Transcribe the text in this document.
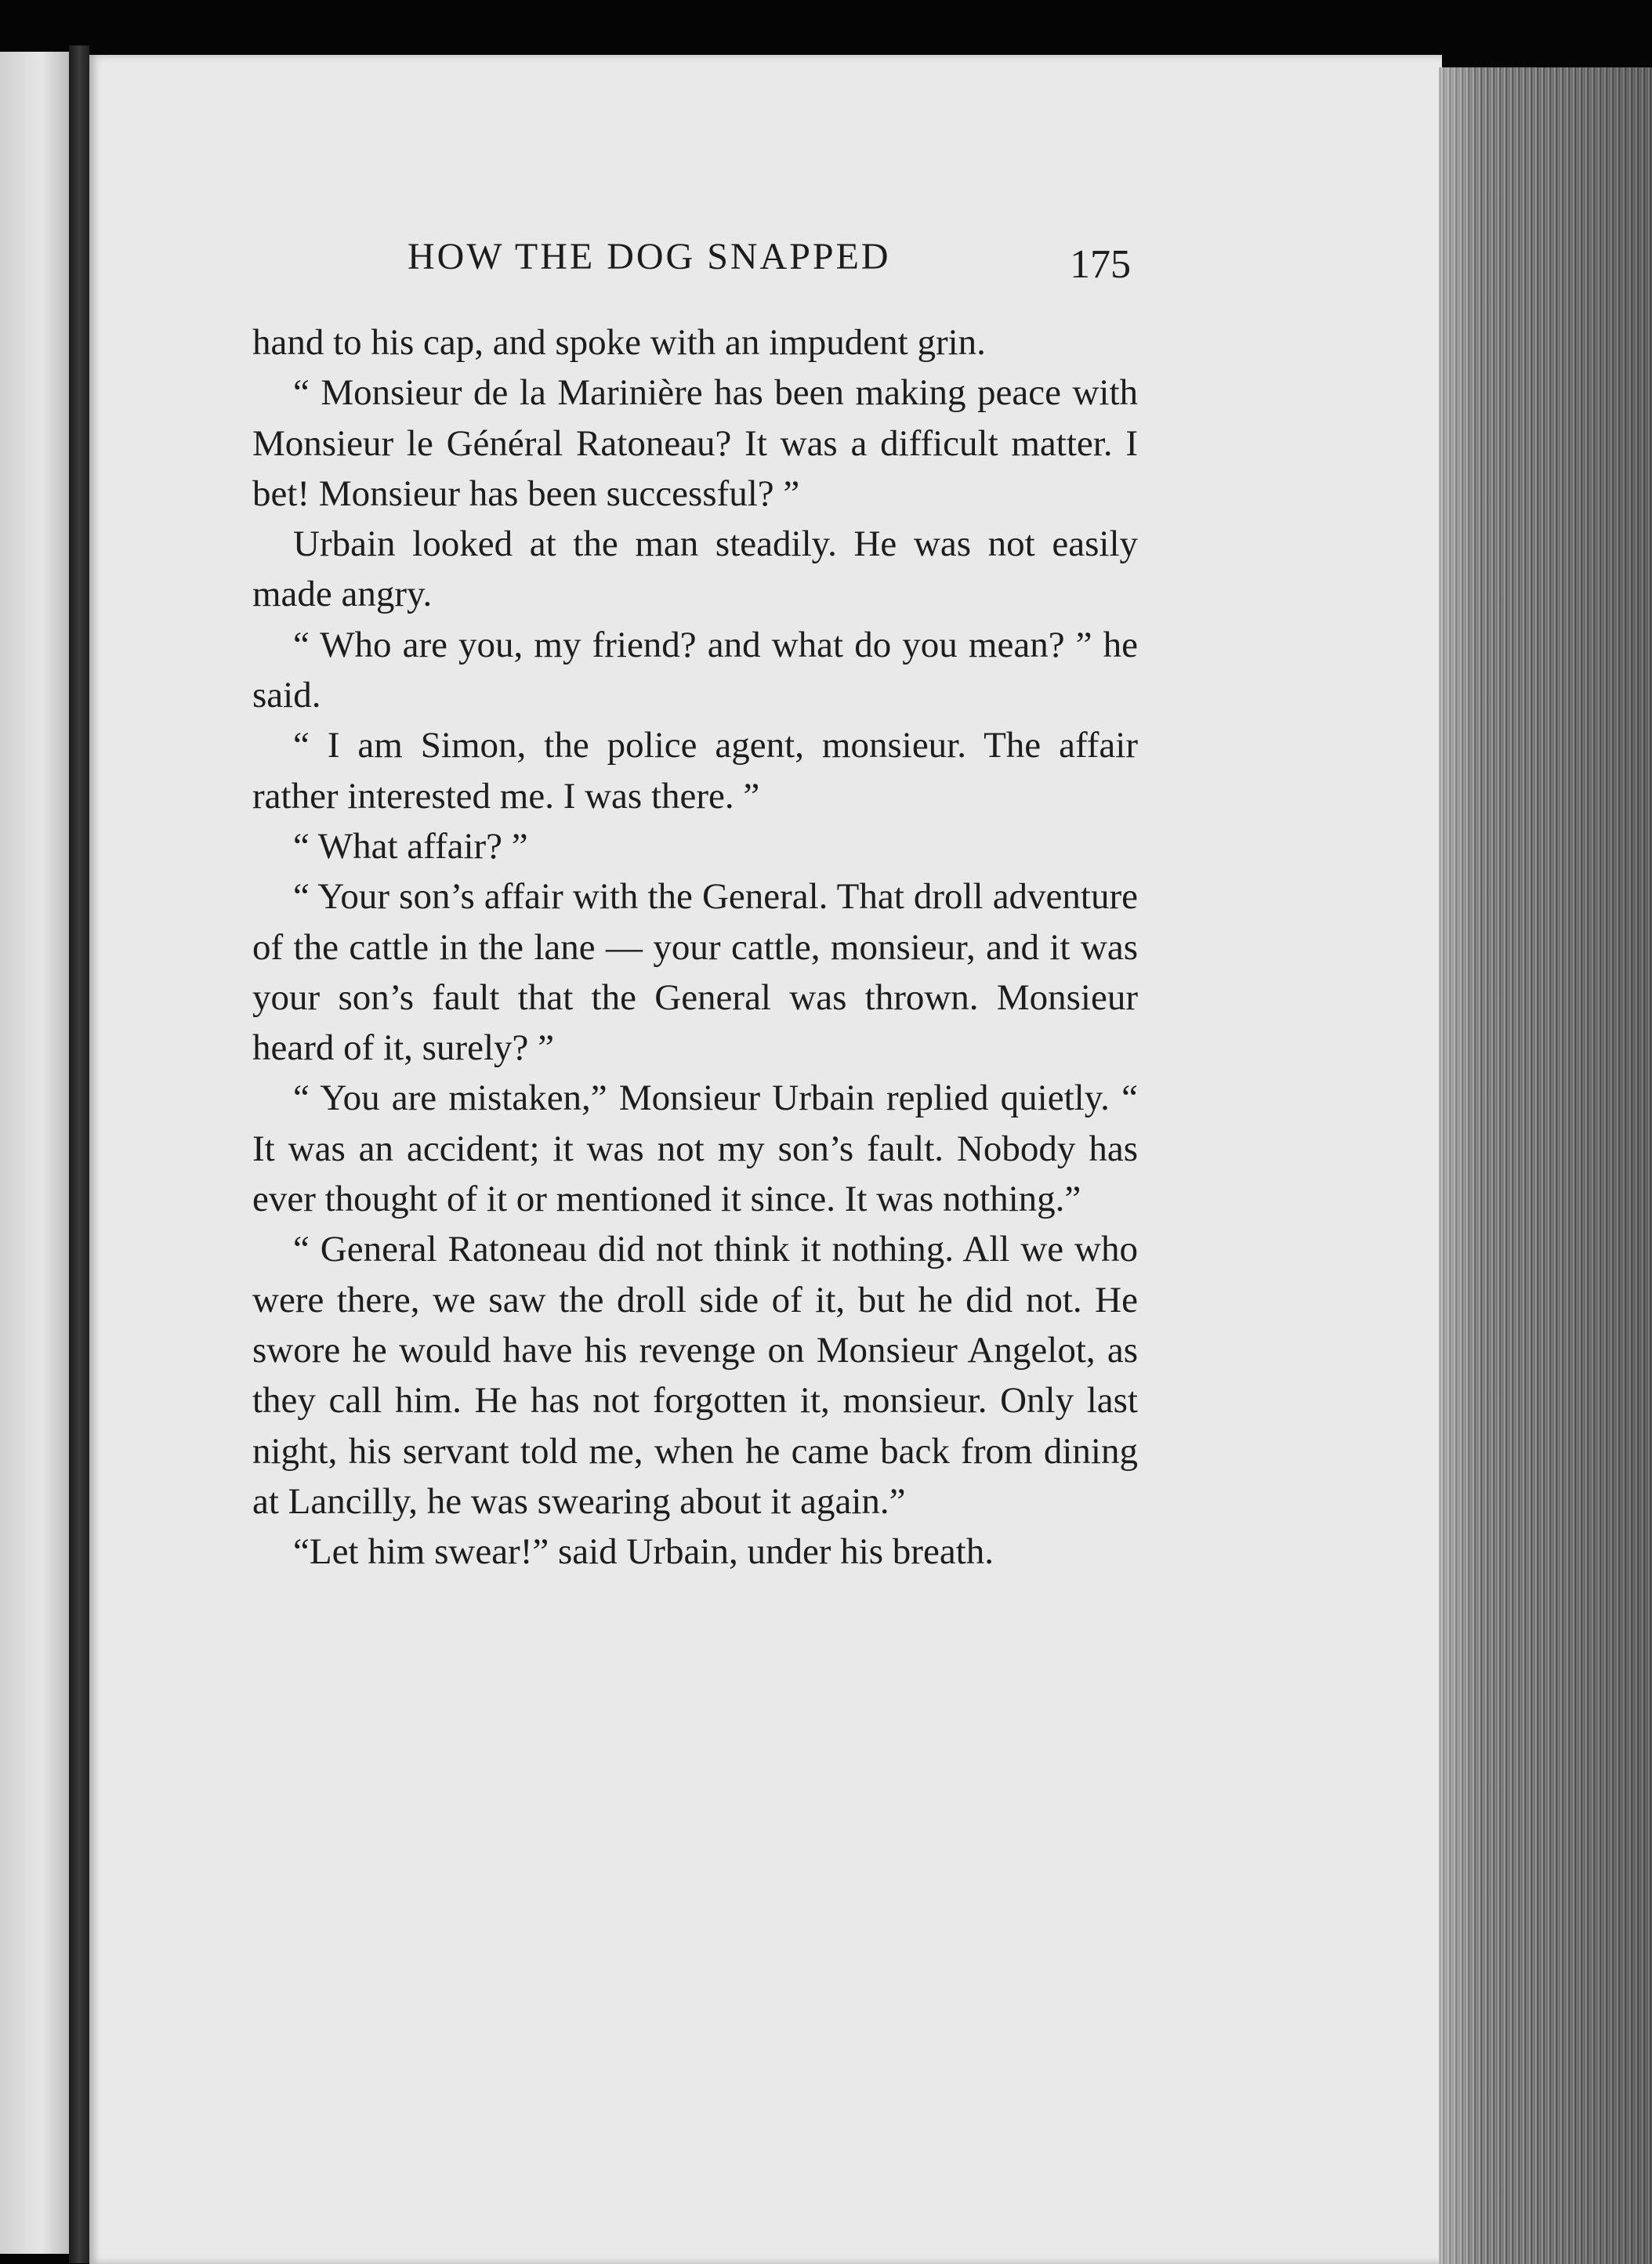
HOW THE DOG SNAPPED	175

hand to his cap, and spoke with an impudent grin.

“ Monsieur de la Marinière has been making peace with Monsieur le Général Ratoneau? It was a difficult matter. I bet! Monsieur has been successful? ”

Urbain looked at the man steadily. He was not easily made angry.

“ Who are you, my friend? and what do you mean? ” he said.

“ I am Simon, the police agent, monsieur. The affair rather interested me. I was there. ”

“ What affair? ”

“ Your son’s affair with the General. That droll adventure of the cattle in the lane — your cattle, monsieur, and it was your son’s fault that the General was thrown. Monsieur heard of it, surely? ”

“ You are mistaken,” Monsieur Urbain replied quietly. “ It was an accident; it was not my son’s fault. Nobody has ever thought of it or mentioned it since. It was nothing.”

“ General Ratoneau did not think it nothing. All we who were there, we saw the droll side of it, but he did not. He swore he would have his revenge on Monsieur Angelot, as they call him. He has not forgotten it, monsieur. Only last night, his servant told me, when he came back from dining at Lancilly, he was swearing about it again.”

“Let him swear!” said Urbain, under his breath.
